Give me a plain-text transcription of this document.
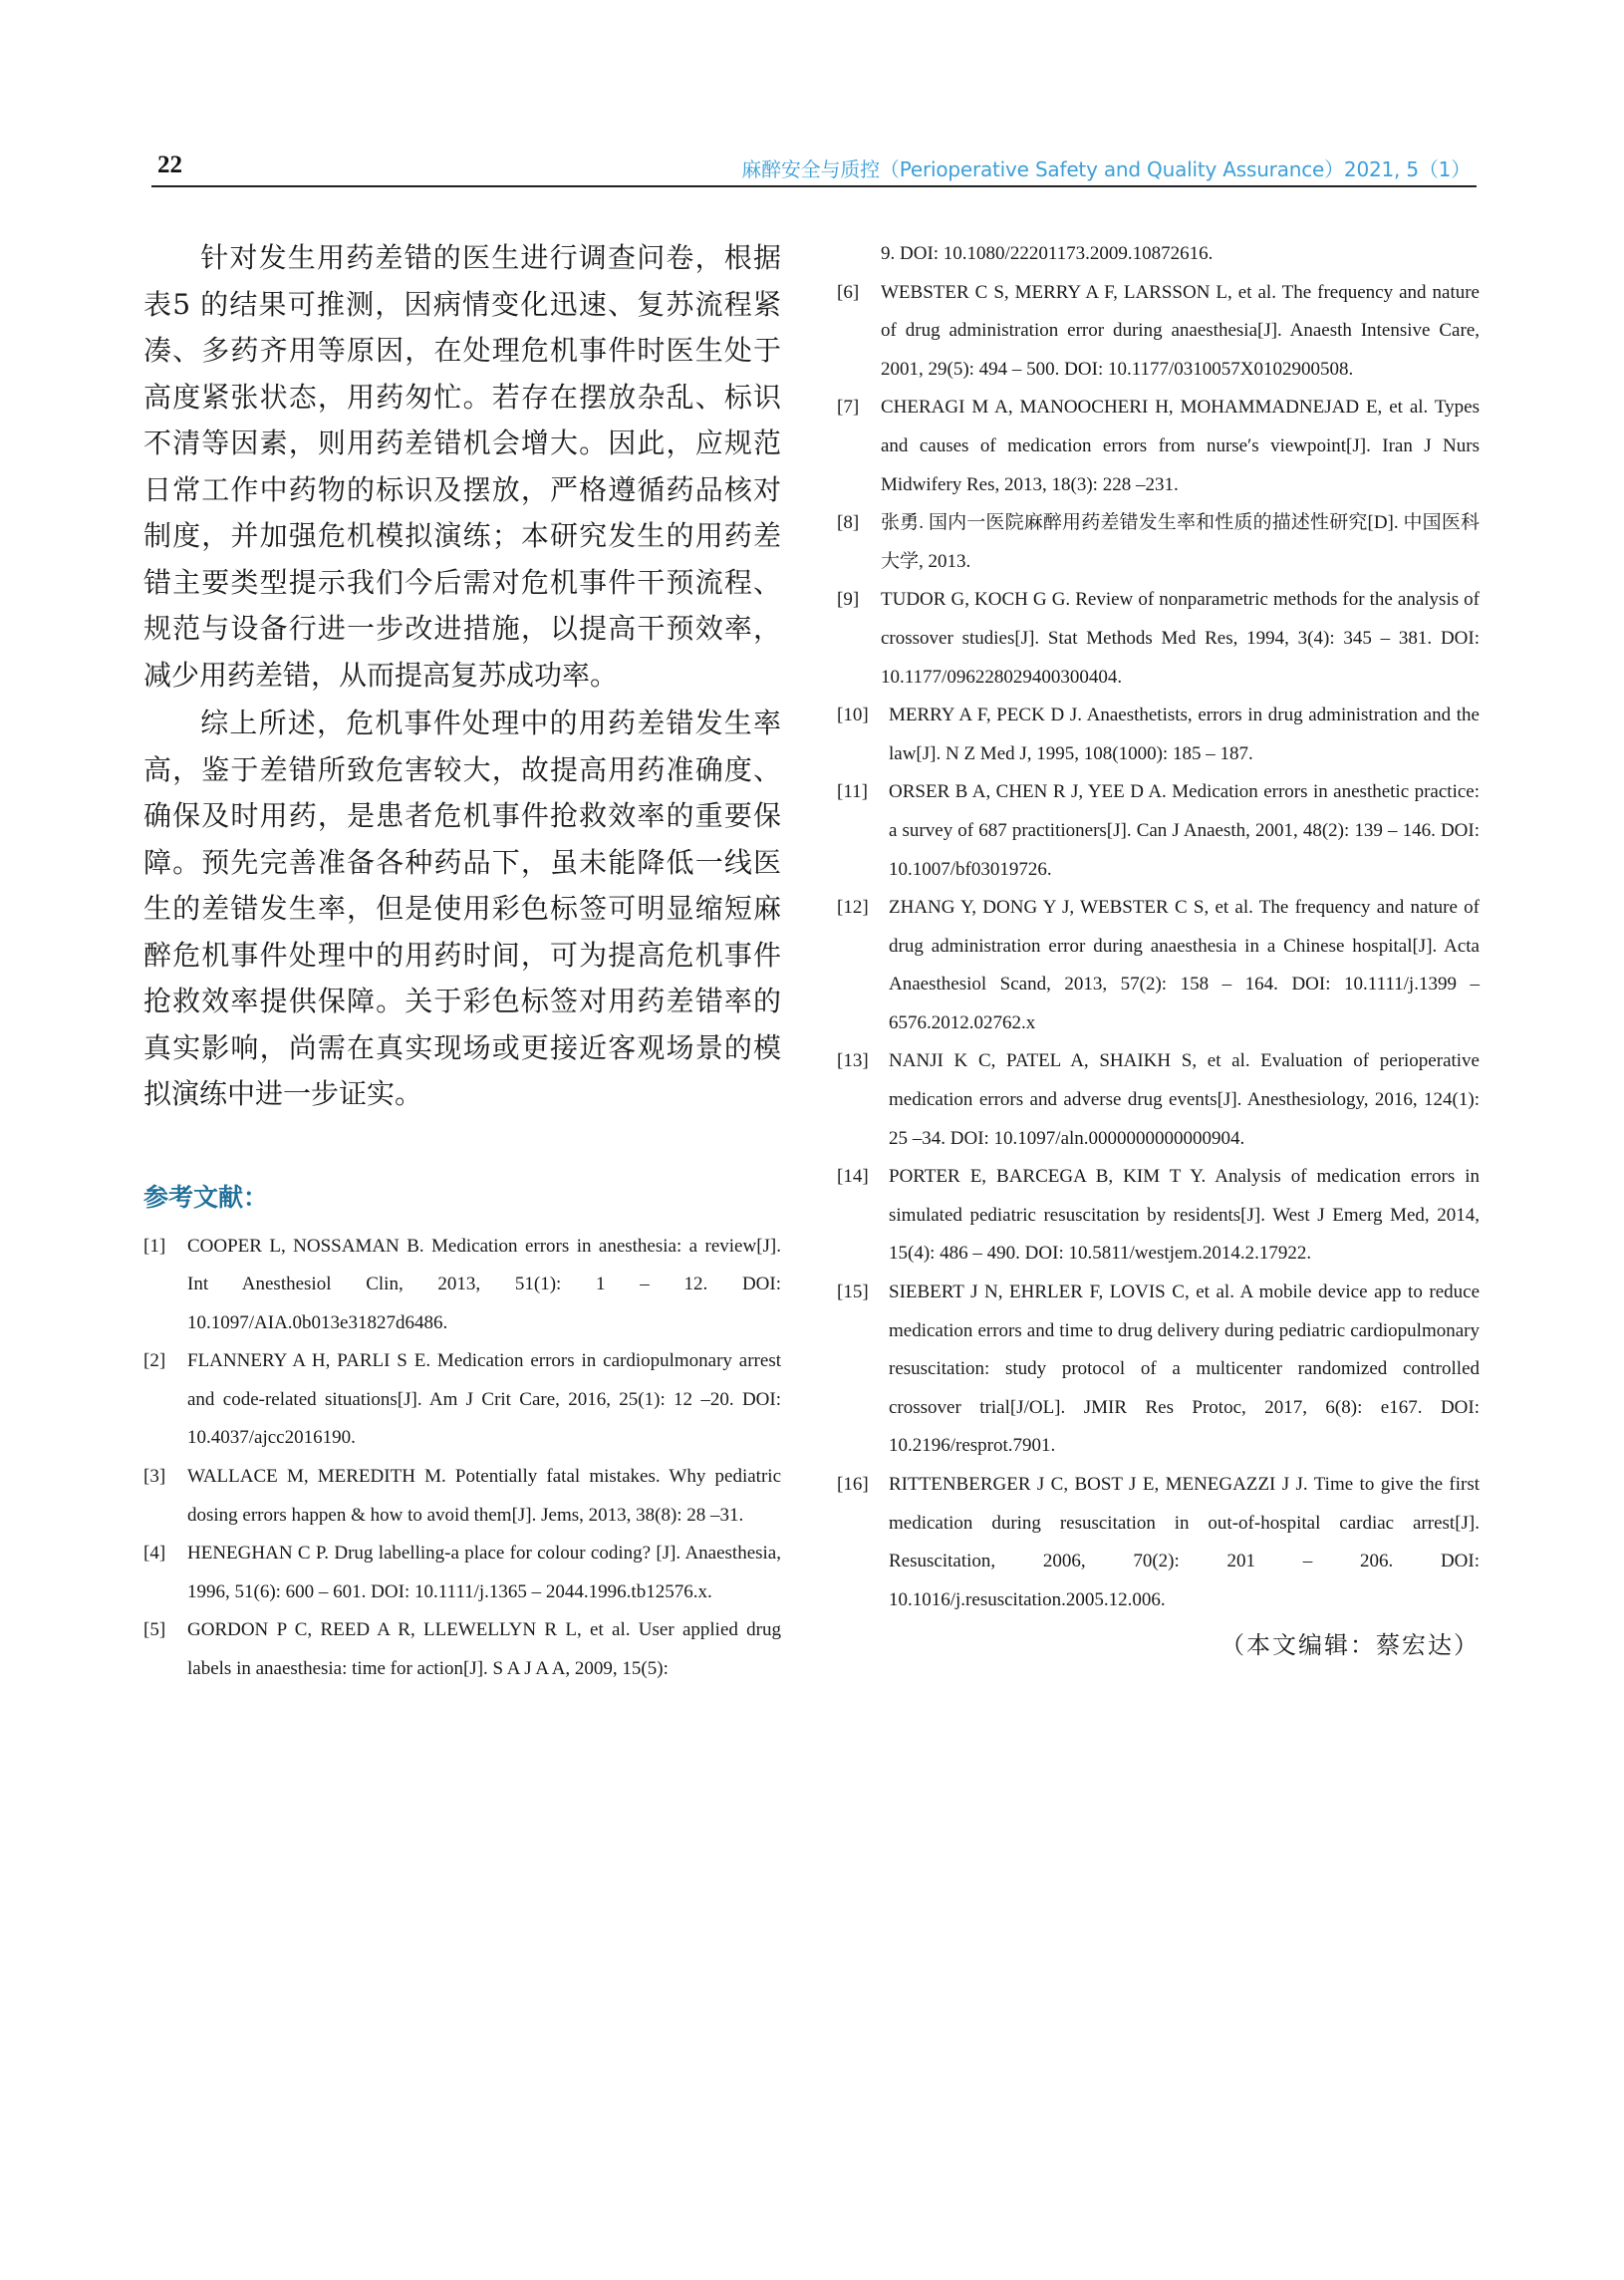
22	麻醉安全与质控（Perioperative Safety and Quality Assurance）2021, 5（1）

针对发生用药差错的医生进行调查问卷，根据表5 的结果可推测，因病情变化迅速、复苏流程紧凑、多药齐用等原因，在处理危机事件时医生处于高度紧张状态，用药匆忙。若存在摆放杂乱、标识不清等因素，则用药差错机会增大。因此，应规范日常工作中药物的标识及摆放，严格遵循药品核对制度，并加强危机模拟演练；本研究发生的用药差错主要类型提示我们今后需对危机事件干预流程、规范与设备行进一步改进措施，以提高干预效率，减少用药差错，从而提高复苏成功率。

综上所述，危机事件处理中的用药差错发生率高，鉴于差错所致危害较大，故提高用药准确度、确保及时用药，是患者危机事件抢救效率的重要保障。预先完善准备各种药品下，虽未能降低一线医生的差错发生率，但是使用彩色标签可明显缩短麻醉危机事件处理中的用药时间，可为提高危机事件抢救效率提供保障。关于彩色标签对用药差错率的真实影响，尚需在真实现场或更接近客观场景的模拟演练中进一步证实。

参考文献：
[1] COOPER L, NOSSAMAN B. Medication errors in anesthesia: a review[J]. Int Anesthesiol Clin, 2013, 51(1): 1 – 12. DOI: 10.1097/AIA.0b013e31827d6486.
[2] FLANNERY A H, PARLI S E. Medication errors in cardiopulmonary arrest and code-related situations[J]. Am J Crit Care, 2016, 25(1): 12 –20. DOI: 10.4037/ajcc2016190.
[3] WALLACE M, MEREDITH M. Potentially fatal mistakes. Why pediatric dosing errors happen & how to avoid them[J]. Jems, 2013, 38(8): 28 –31.
[4] HENEGHAN C P. Drug labelling-a place for colour coding? [J]. Anaesthesia, 1996, 51(6): 600 – 601. DOI: 10.1111/j.1365 – 2044.1996.tb12576.x.
[5] GORDON P C, REED A R, LLEWELLYN R L, et al. User applied drug labels in anaesthesia: time for action[J]. S A J A A, 2009, 15(5):
9. DOI: 10.1080/22201173.2009.10872616.
[6] WEBSTER C S, MERRY A F, LARSSON L, et al. The frequency and nature of drug administration error during anaesthesia[J]. Anaesth Intensive Care, 2001, 29(5): 494 – 500. DOI: 10.1177/0310057X0102900508.
[7] CHERAGI M A, MANOOCHERI H, MOHAMMADNEJAD E, et al. Types and causes of medication errors from nurse′s viewpoint[J]. Iran J Nurs Midwifery Res, 2013, 18(3): 228 –231.
[8] 张勇. 国内一医院麻醉用药差错发生率和性质的描述性研究[D]. 中国医科大学, 2013.
[9] TUDOR G, KOCH G G. Review of nonparametric methods for the analysis of crossover studies[J]. Stat Methods Med Res, 1994, 3(4): 345 – 381. DOI: 10.1177/096228029400300404.
[10] MERRY A F, PECK D J. Anaesthetists, errors in drug administration and the law[J]. N Z Med J, 1995, 108(1000): 185 – 187.
[11] ORSER B A, CHEN R J, YEE D A. Medication errors in anesthetic practice: a survey of 687 practitioners[J]. Can J Anaesth, 2001, 48(2): 139 – 146. DOI: 10.1007/bf03019726.
[12] ZHANG Y, DONG Y J, WEBSTER C S, et al. The frequency and nature of drug administration error during anaesthesia in a Chinese hospital[J]. Acta Anaesthesiol Scand, 2013, 57(2): 158 – 164. DOI: 10.1111/j.1399 –6576.2012.02762.x
[13] NANJI K C, PATEL A, SHAIKH S, et al. Evaluation of perioperative medication errors and adverse drug events[J]. Anesthesiology, 2016, 124(1): 25 –34. DOI: 10.1097/aln.0000000000000904.
[14] PORTER E, BARCEGA B, KIM T Y. Analysis of medication errors in simulated pediatric resuscitation by residents[J]. West J Emerg Med, 2014, 15(4): 486 – 490. DOI: 10.5811/westjem.2014.2.17922.
[15] SIEBERT J N, EHRLER F, LOVIS C, et al. A mobile device app to reduce medication errors and time to drug delivery during pediatric cardiopulmonary resuscitation: study protocol of a multicenter randomized controlled crossover trial[J/OL]. JMIR Res Protoc, 2017, 6(8): e167. DOI: 10.2196/resprot.7901.
[16] RITTENBERGER J C, BOST J E, MENEGAZZI J J. Time to give the first medication during resuscitation in out-of-hospital cardiac arrest[J]. Resuscitation, 2006, 70(2): 201 – 206. DOI: 10.1016/j.resuscitation.2005.12.006.
（本文编辑：蔡宏达）
